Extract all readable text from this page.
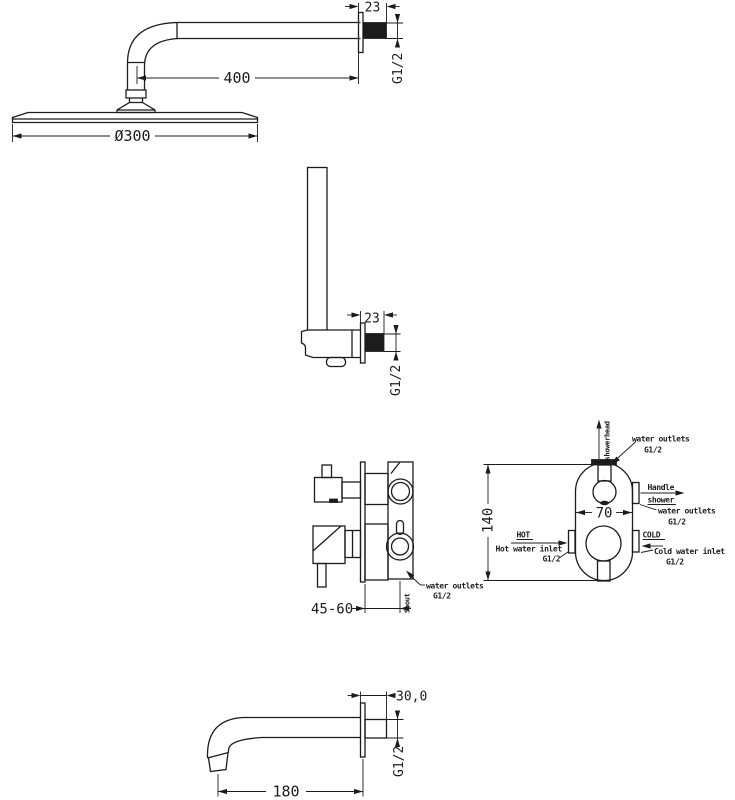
400
Ø300
23
G1/2
23
G1/2
45-60
water outlets
G1/2
Spout
140	70
showerhead	water outlets
G1/2
Handle
shower
water outlets
G1/2
HOT
Hot water inlet
G1/2
COLD
Cold water inlet
G1/2
30,0
G1/2
180
